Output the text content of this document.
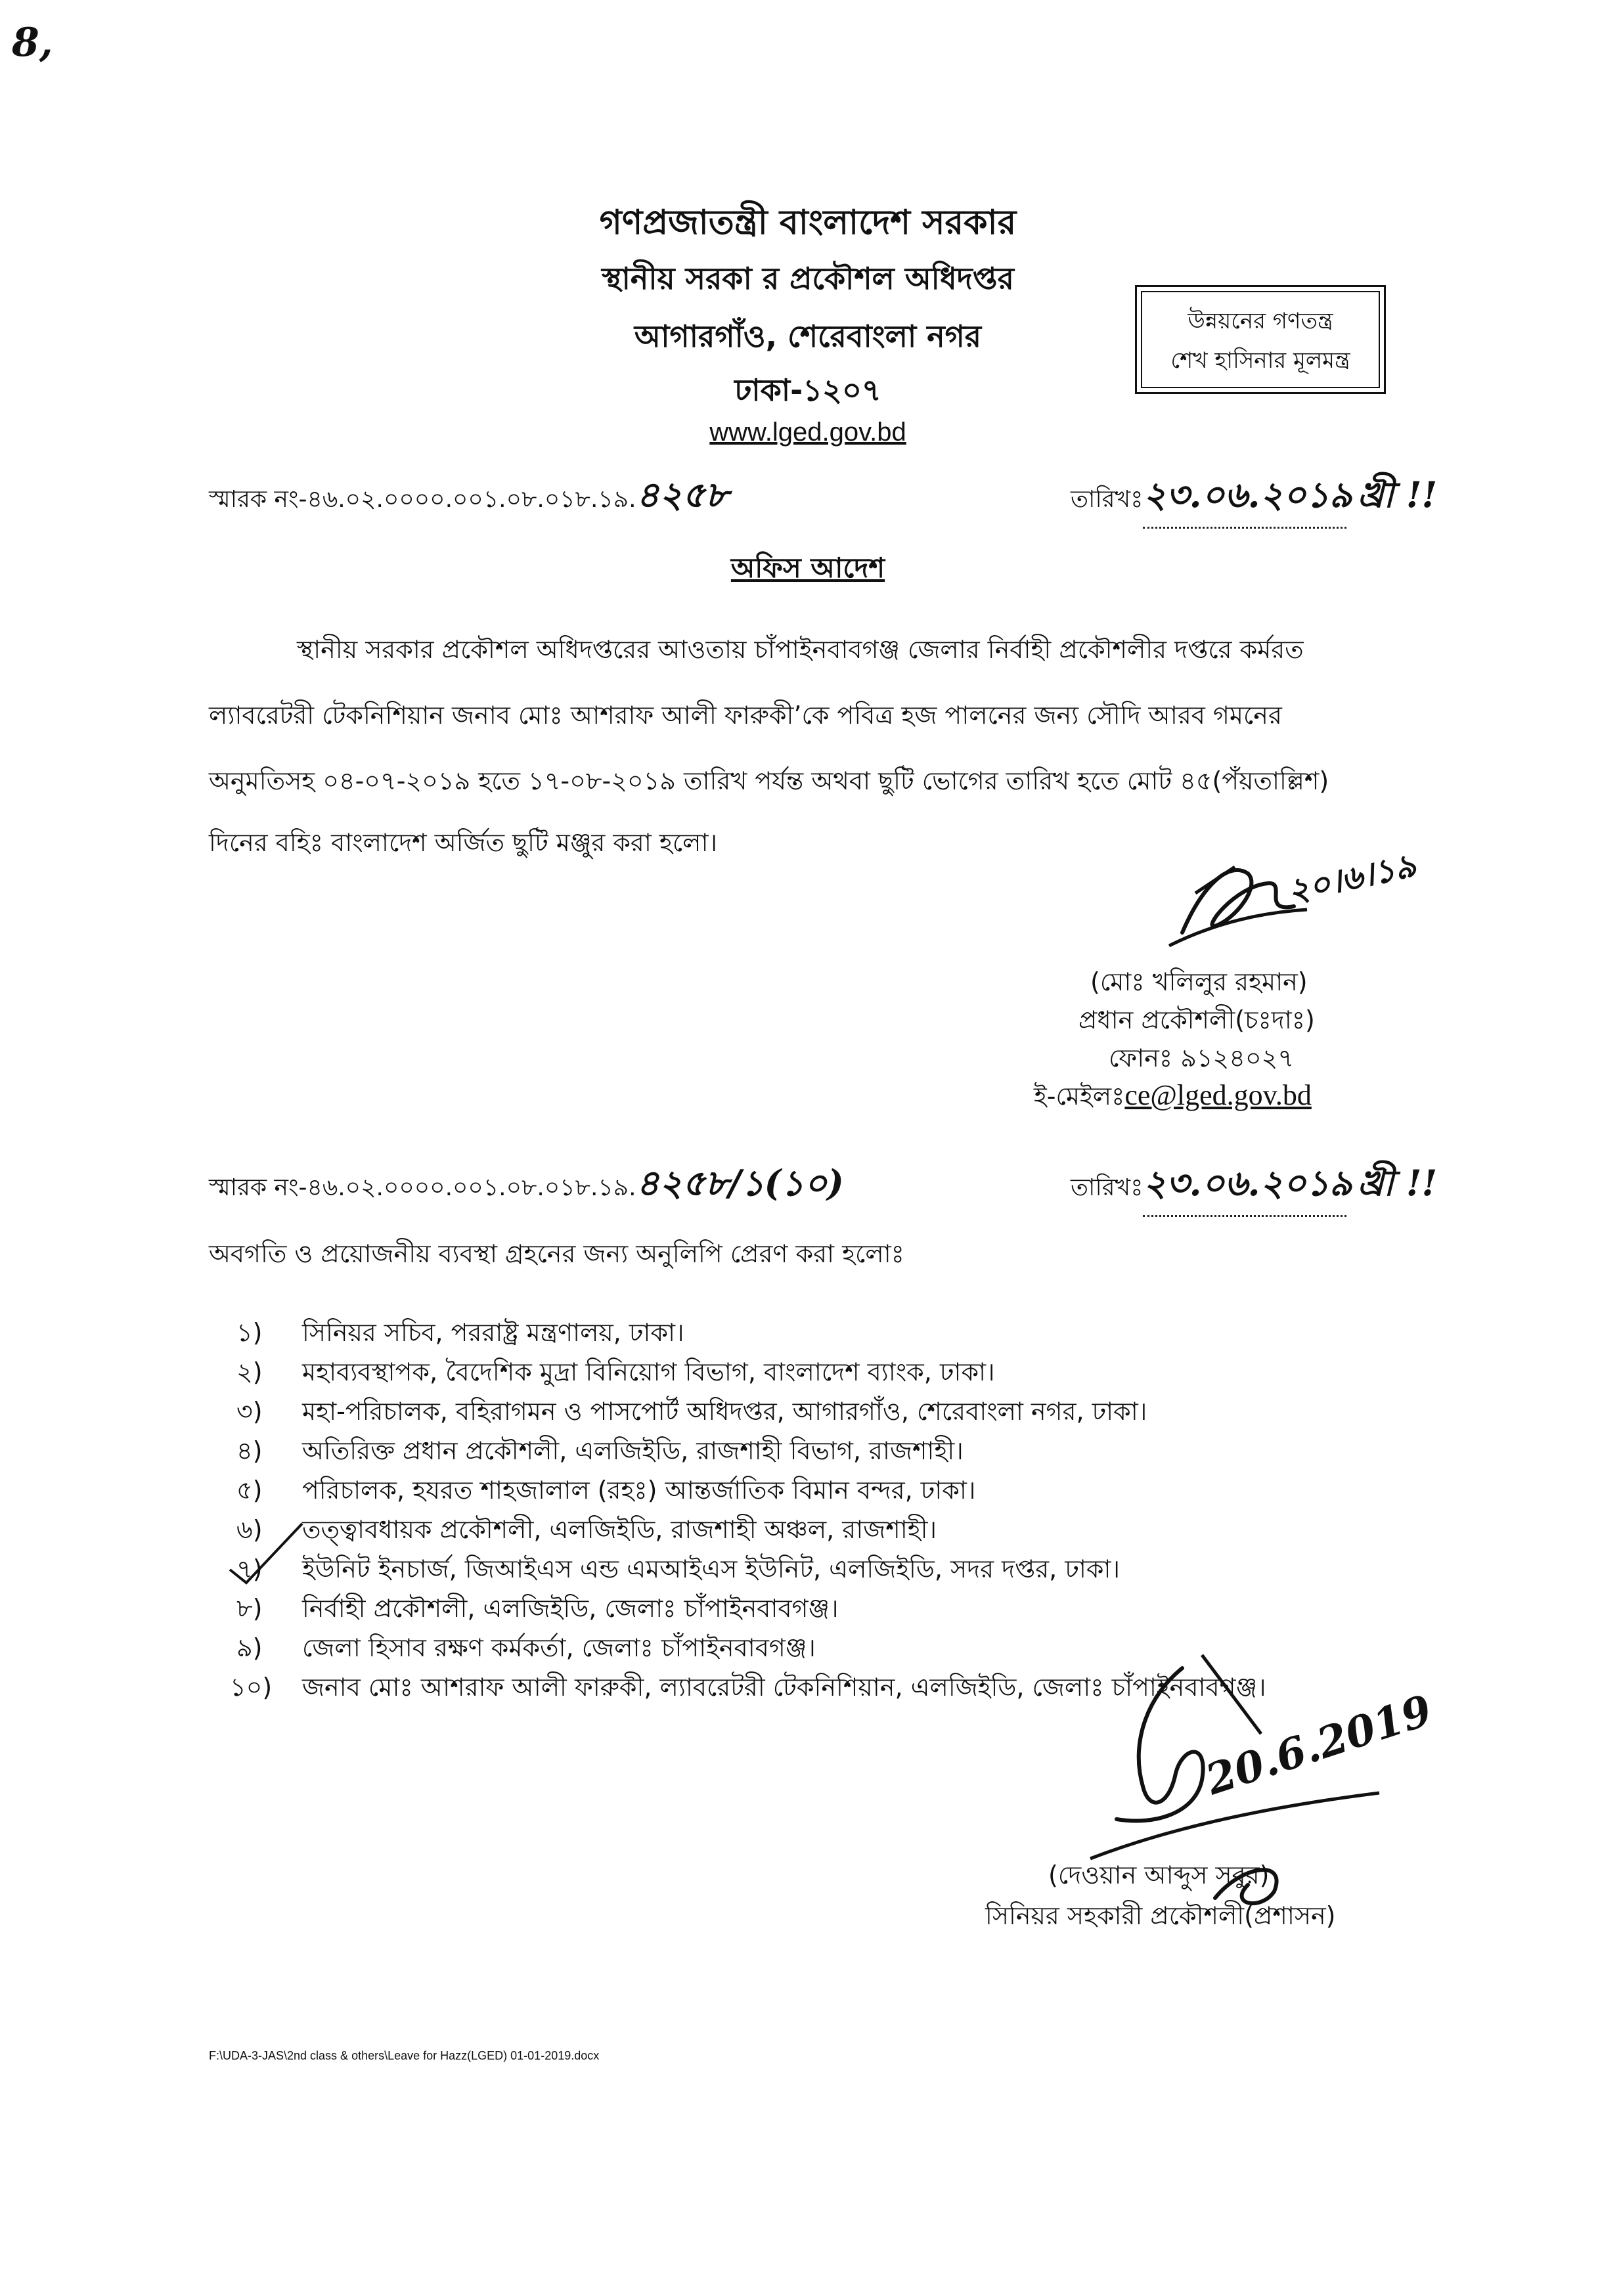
8,
গণপ্রজাতন্ত্রী বাংলাদেশ সরকার
স্থানীয় সরকা র প্রকৌশল অধিদপ্তর
আগারগাঁও, শেরেবাংলা নগর
ঢাকা-১২০৭
www.lged.gov.bd
উন্নয়নের গণতন্ত্র
শেখ হাসিনার মূলমন্ত্র
স্মারক নং-৪৬.০২.০০০০.০০১.০৮.০১৮.১৯.৪২৫৮	তারিখঃ২৩.০৬.২০১৯ খ্রী !!
অফিস আদেশ
স্থানীয় সরকার প্রকৌশল অধিদপ্তরের আওতায় চাঁপাইনবাবগঞ্জ জেলার নির্বাহী প্রকৌশলীর দপ্তরে কর্মরত
ল্যাবরেটরী টেকনিশিয়ান জনাব মোঃ আশরাফ আলী ফারুকী’কে পবিত্র হজ পালনের জন্য সৌদি আরব গমনের
অনুমতিসহ ০৪-০৭-২০১৯ হতে ১৭-০৮-২০১৯ তারিখ পর্যন্ত অথবা ছুটি ভোগের তারিখ হতে মোট ৪৫(পঁয়তাল্লিশ)
দিনের বহিঃ বাংলাদেশ অর্জিত ছুটি মঞ্জুর করা হলো।
২০।৬।১৯
(মোঃ খলিলুর রহমান)
প্রধান প্রকৌশলী(চঃদাঃ)
ফোনঃ ৯১২৪০২৭
ই-মেইলঃce@lged.gov.bd
স্মারক নং-৪৬.০২.০০০০.০০১.০৮.০১৮.১৯.৪২৫৮/১(১০)	তারিখঃ২৩.০৬.২০১৯ খ্রী !!
অবগতি ও প্রয়োজনীয় ব্যবস্থা গ্রহনের জন্য অনুলিপি প্রেরণ করা হলোঃ
১)	সিনিয়র সচিব, পররাষ্ট্র মন্ত্রণালয়, ঢাকা।
২)	মহাব্যবস্থাপক, বৈদেশিক মুদ্রা বিনিয়োগ বিভাগ, বাংলাদেশ ব্যাংক, ঢাকা।
৩)	মহা-পরিচালক, বহিরাগমন ও পাসপোর্ট অধিদপ্তর, আগারগাঁও, শেরেবাংলা নগর, ঢাকা।
৪)	অতিরিক্ত প্রধান প্রকৌশলী, এলজিইডি, রাজশাহী বিভাগ, রাজশাহী।
৫)	পরিচালক, হযরত শাহজালাল (রহঃ) আন্তর্জাতিক বিমান বন্দর, ঢাকা।
৬)	তত্ত্বাবধায়ক প্রকৌশলী, এলজিইডি, রাজশাহী অঞ্চল, রাজশাহী।
৭)	ইউনিট ইনচার্জ, জিআইএস এন্ড এমআইএস ইউনিট, এলজিইডি, সদর দপ্তর, ঢাকা।
৮)	নির্বাহী প্রকৌশলী, এলজিইডি, জেলাঃ চাঁপাইনবাবগঞ্জ।
৯)	জেলা হিসাব রক্ষণ কর্মকর্তা, জেলাঃ চাঁপাইনবাবগঞ্জ।
১০)	জনাব মোঃ আশরাফ আলী ফারুকী, ল্যাবরেটরী টেকনিশিয়ান, এলজিইডি, জেলাঃ চাঁপাইনবাবগঞ্জ।
20.6.2019
(দেওয়ান আব্দুস সবুর)
সিনিয়র সহকারী প্রকৌশলী(প্রশাসন)
F:\UDA-3-JAS\2nd class & others\Leave for Hazz(LGED) 01-01-2019.docx
